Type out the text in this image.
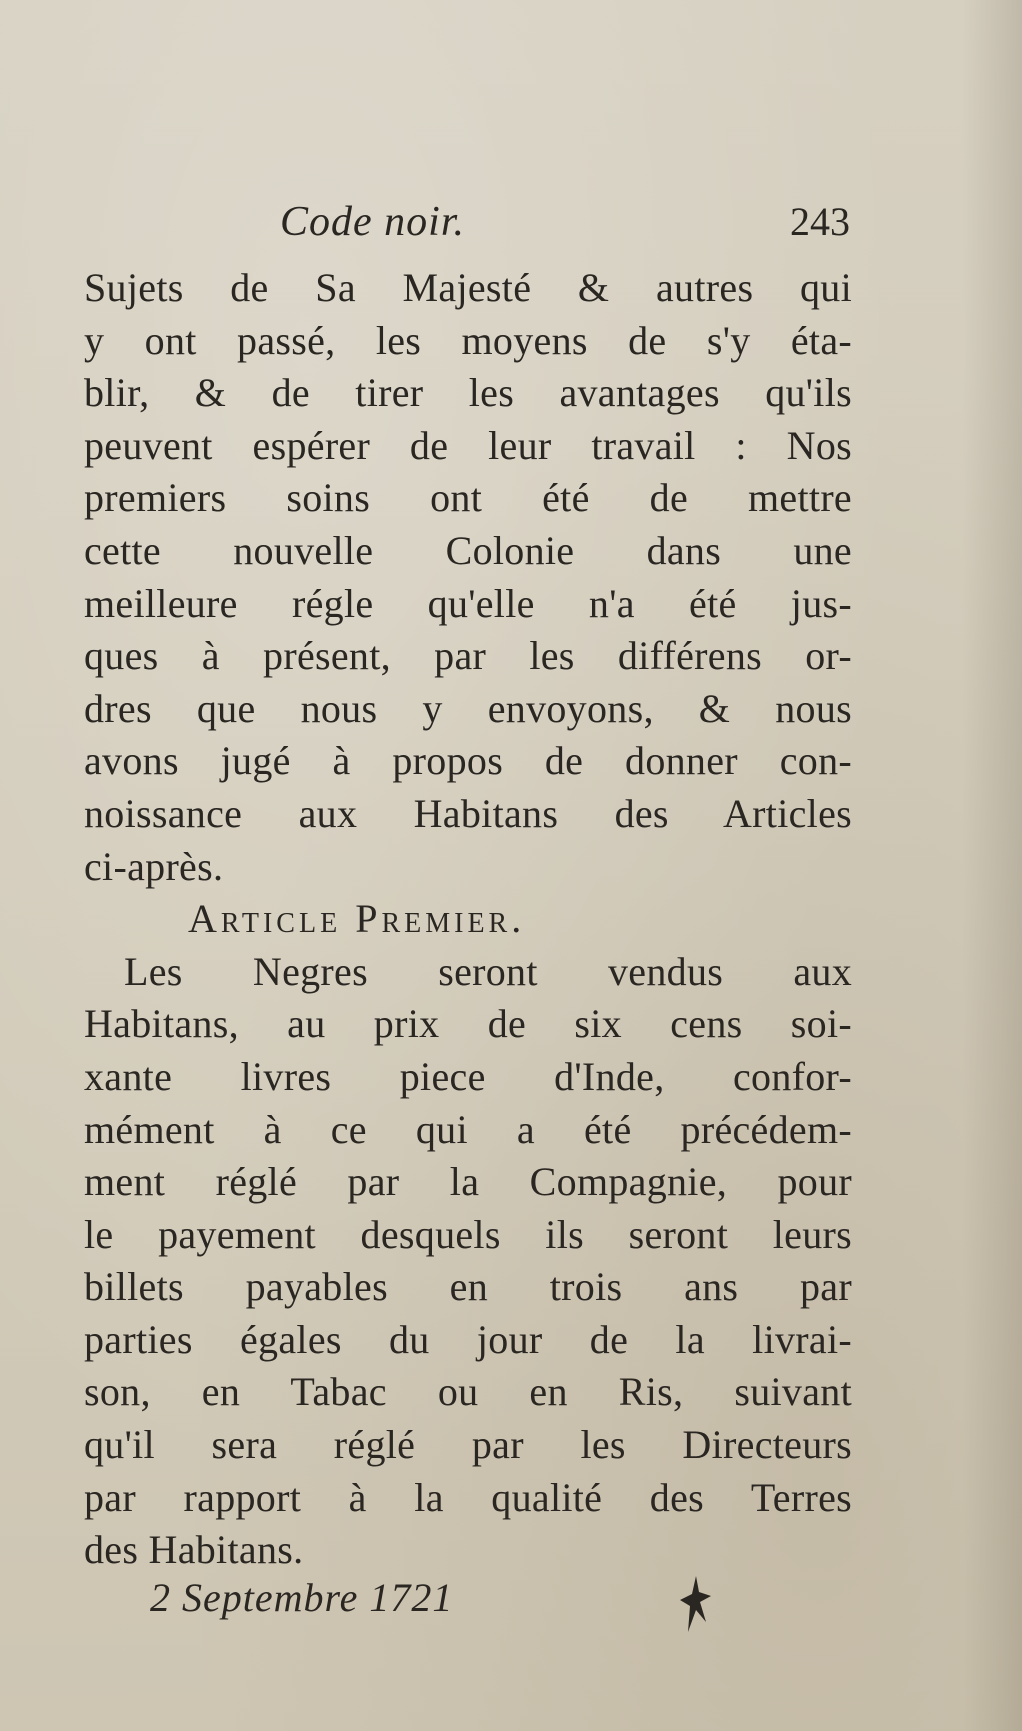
Code noir.	243
Sujets de Sa Majesté & autres qui
y ont passé, les moyens de s'y éta-
blir, & de tirer les avantages qu'ils
peuvent espérer de leur travail : Nos
premiers soins ont été de mettre
cette nouvelle Colonie dans une
meilleure régle qu'elle n'a été jus-
ques à présent, par les différens or-
dres que nous y envoyons, & nous
avons jugé à propos de donner con-
noissance aux Habitans des Articles
ci-après.
Article Premier.
Les Negres seront vendus aux
Habitans, au prix de six cens soi-
xante livres piece d'Inde, confor-
mément à ce qui a été précédem-
ment réglé par la Compagnie, pour
le payement desquels ils seront leurs
billets payables en trois ans par
parties égales du jour de la livrai-
son, en Tabac ou en Ris, suivant
qu'il sera réglé par les Directeurs
par rapport à la qualité des Terres
des Habitans.
2 Septembre 1721
